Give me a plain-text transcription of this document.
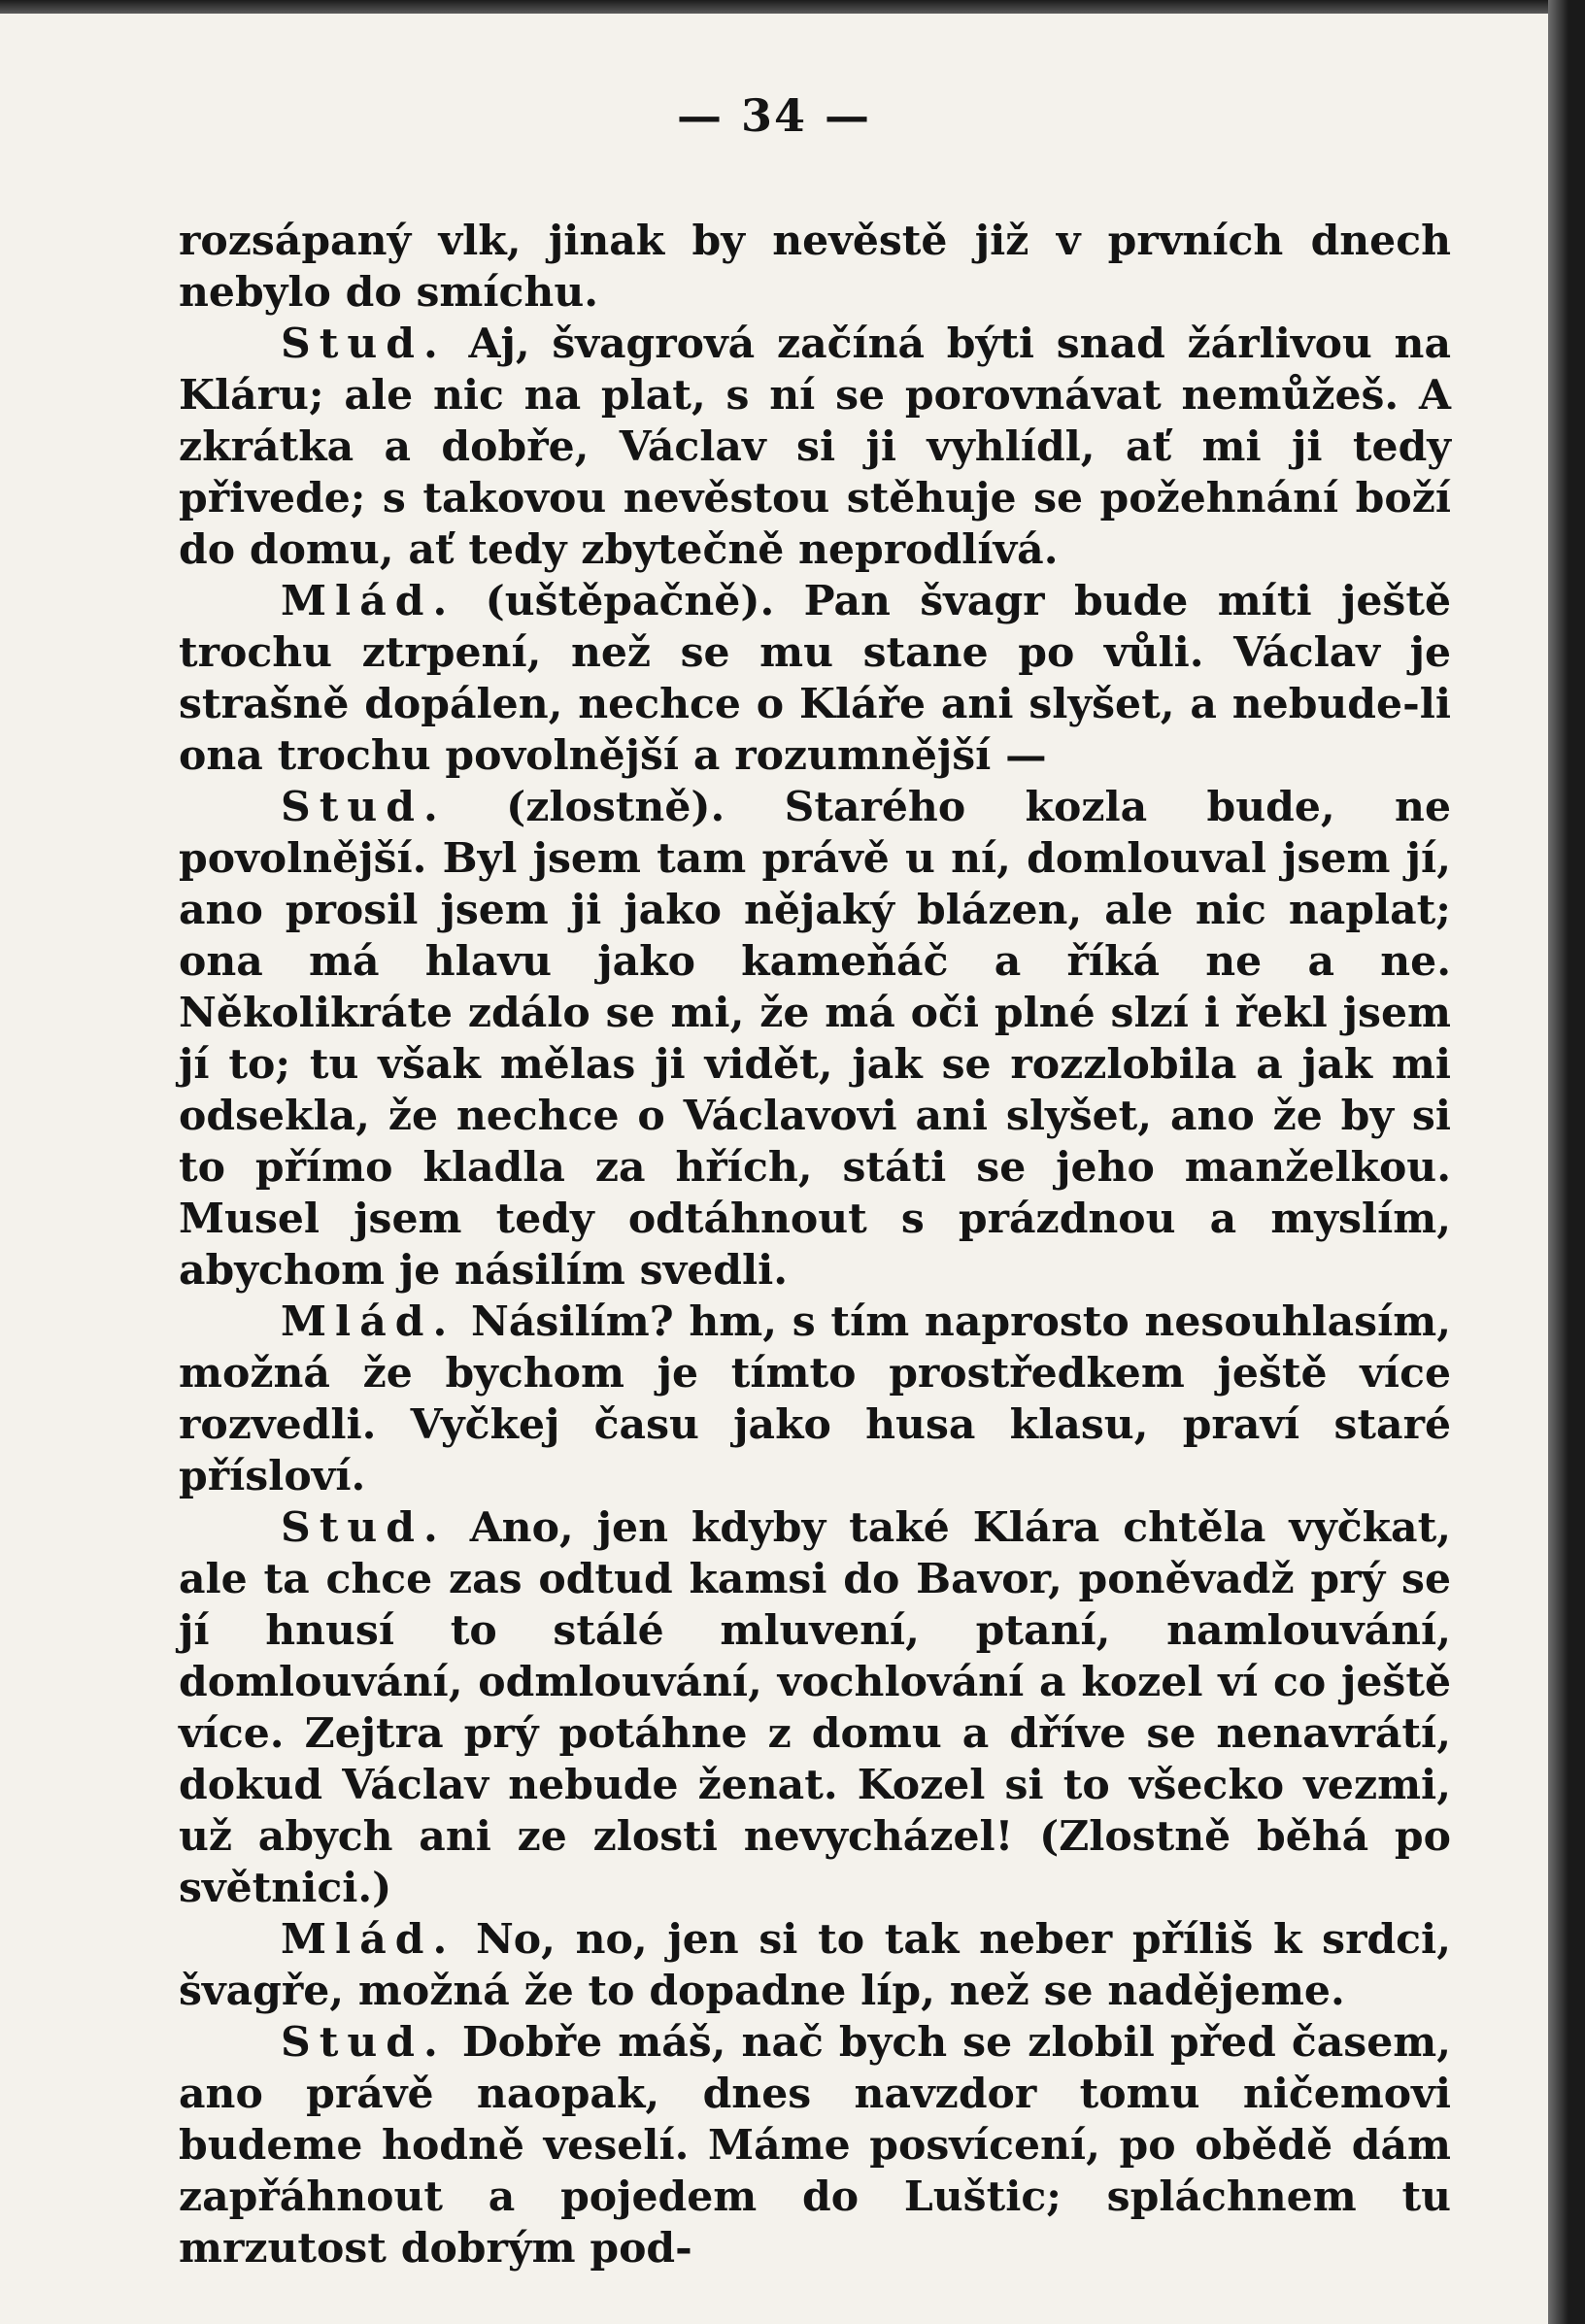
— 34 —

rozsápaný vlk, jinak by nevěstě již v prvních dnech nebylo do smíchu.

Stud. Aj, švagrová začíná býti snad žárlivou na Kláru; ale nic na plat, s ní se porovnávat nemůžeš. A zkrátka a dobře, Václav si ji vyhlídl, ať mi ji tedy přivede; s takovou nevěstou stěhuje se požehnání boží do domu, ať tedy zbytečně neprodlívá.

Mlád. (uštěpačně). Pan švagr bude míti ještě trochu ztrpení, než se mu stane po vůli. Václav je strašně dopálen, nechce o Kláře ani slyšet, a nebude-li ona trochu povolnější a rozumnější —

Stud. (zlostně). Starého kozla bude, ne povolnější. Byl jsem tam právě u ní, domlouval jsem jí, ano prosil jsem ji jako nějaký blázen, ale nic naplat; ona má hlavu jako kameňáč a říká ne a ne. Několikráte zdálo se mi, že má oči plné slzí i řekl jsem jí to; tu však mělas ji vidět, jak se rozzlobila a jak mi odsekla, že nechce o Václavovi ani slyšet, ano že by si to přímo kladla za hřích, státi se jeho manželkou. Musel jsem tedy odtáhnout s prázdnou a myslím, abychom je násilím svedli.

Mlád. Násilím? hm, s tím naprosto nesouhlasím, možná že bychom je tímto prostředkem ještě více rozvedli. Vyčkej času jako husa klasu, praví staré přísloví.

Stud. Ano, jen kdyby také Klára chtěla vyčkat, ale ta chce zas odtud kamsi do Bavor, poněvadž prý se jí hnusí to stálé mluvení, ptaní, namlouvání, domlouvání, odmlouvání, vochlování a kozel ví co ještě více. Zejtra prý potáhne z domu a dříve se nenavrátí, dokud Václav nebude ženat. Kozel si to všecko vezmi, už abych ani ze zlosti nevycházel! (Zlostně běhá po světnici.)

Mlád. No, no, jen si to tak neber příliš k srdci, švagře, možná že to dopadne líp, než se nadějeme.

Stud. Dobře máš, nač bych se zlobil před časem, ano právě naopak, dnes navzdor tomu ničemovi budeme hodně veselí. Máme posvícení, po obědě dám zapřáhnout a pojedem do Luštic; spláchnem tu mrzutost dobrým pod-
